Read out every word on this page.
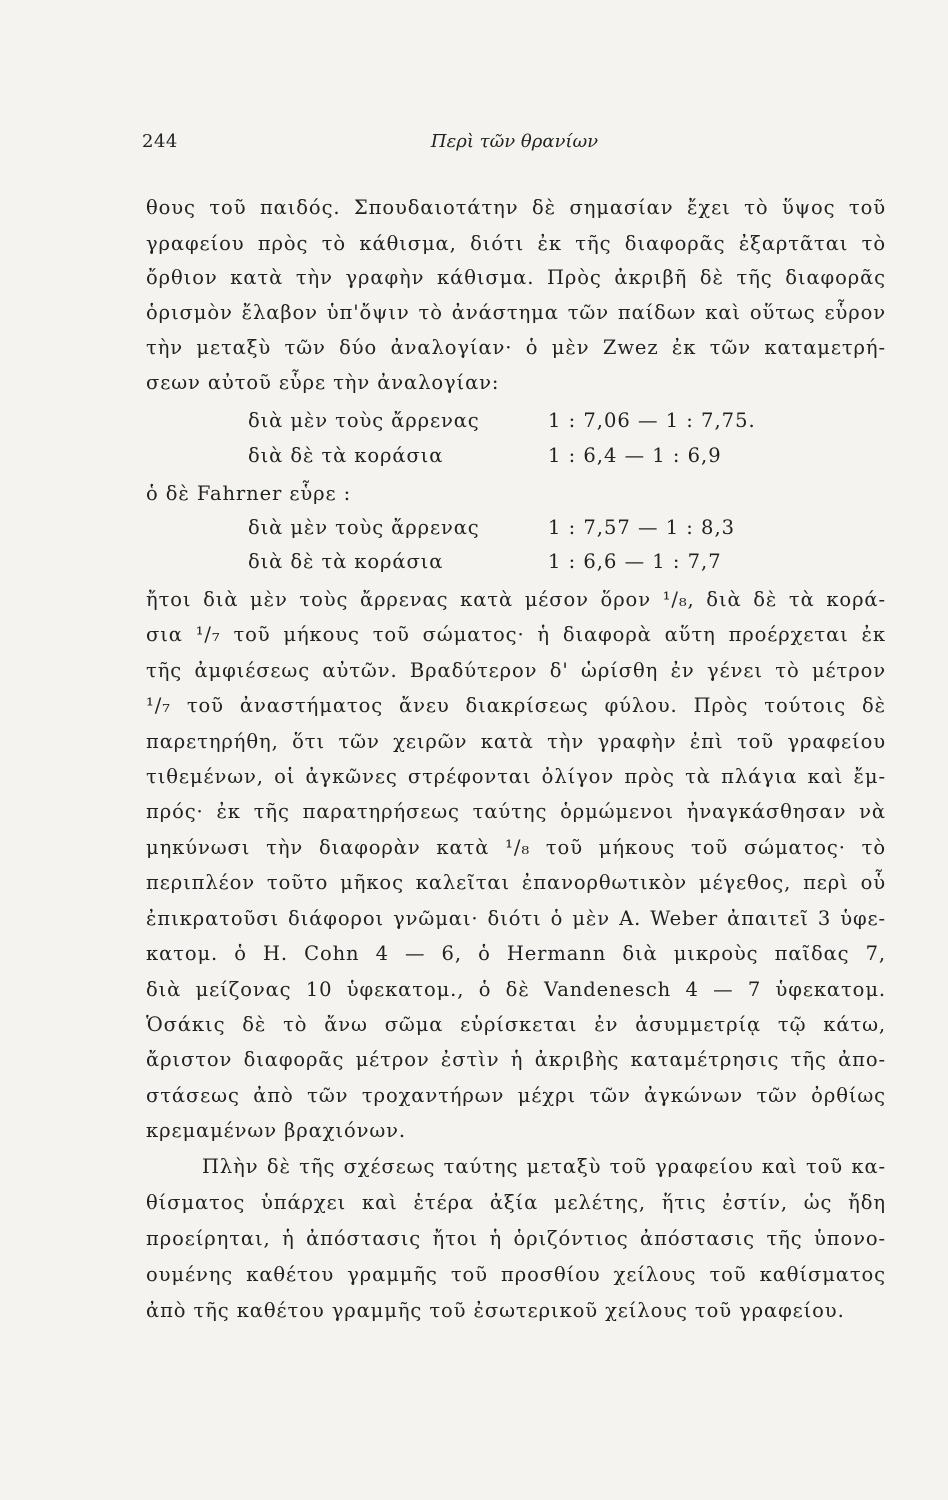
244	Περὶ τῶν θρανίων
θους τοῦ παιδός. Σπουδαιοτάτην δὲ σημασίαν ἔχει τὸ ὕψος τοῦ
γραφείου πρὸς τὸ κάθισμα, διότι ἐκ τῆς διαφορᾶς ἐξαρτᾶται τὸ
ὄρθιον κατὰ τὴν γραφὴν κάθισμα. Πρὸς ἀκριβῆ δὲ τῆς διαφορᾶς
ὁρισμὸν ἔλαβον ὑπ'ὄψιν τὸ ἀνάστημα τῶν παίδων καὶ οὕτως εὗρον
τὴν μεταξὺ τῶν δύο ἀναλογίαν· ὁ μὲν Zwez ἐκ τῶν καταμετρή-
σεων αὐτοῦ εὗρε τὴν ἀναλογίαν:
διὰ μὲν τοὺς ἄρρενας	1 : 7,06 — 1 : 7,75.
διὰ δὲ τὰ κοράσια	1 : 6,4 — 1 : 6,9
ὁ δὲ Fahrner εὗρε :
διὰ μὲν τοὺς ἄρρενας	1 : 7,57 — 1 : 8,3
διὰ δὲ τὰ κοράσια	1 : 6,6 — 1 : 7,7
ἤτοι διὰ μὲν τοὺς ἄρρενας κατὰ μέσον ὅρον ¹/₈, διὰ δὲ τὰ κορά-
σια ¹/₇ τοῦ μήκους τοῦ σώματος· ἡ διαφορὰ αὕτη προέρχεται ἐκ
τῆς ἀμφιέσεως αὐτῶν. Βραδύτερον δ' ὡρίσθη ἐν γένει τὸ μέτρον
¹/₇ τοῦ ἀναστήματος ἄνευ διακρίσεως φύλου. Πρὸς τούτοις δὲ
παρετηρήθη, ὅτι τῶν χειρῶν κατὰ τὴν γραφὴν ἐπὶ τοῦ γραφείου
τιθεμένων, οἱ ἀγκῶνες στρέφονται ὀλίγον πρὸς τὰ πλάγια καὶ ἔμ-
πρός· ἐκ τῆς παρατηρήσεως ταύτης ὁρμώμενοι ἠναγκάσθησαν νὰ
μηκύνωσι τὴν διαφορὰν κατὰ ¹/₈ τοῦ μήκους τοῦ σώματος· τὸ
περιπλέον τοῦτο μῆκος καλεῖται ἐπανορθωτικὸν μέγεθος, περὶ οὗ
ἐπικρατοῦσι διάφοροι γνῶμαι· διότι ὁ μὲν A. Weber ἀπαιτεῖ 3 ὑφε-
κατομ. ὁ H. Cohn 4 — 6, ὁ Hermann διὰ μικροὺς παῖδας 7,
διὰ μείζονας 10 ὑφεκατομ., ὁ δὲ Vandenesch 4 — 7 ὑφεκατομ.
Ὁσάκις δὲ τὸ ἄνω σῶμα εὑρίσκεται ἐν ἀσυμμετρίᾳ τῷ κάτω,
ἄριστον διαφορᾶς μέτρον ἐστὶν ἡ ἀκριβὴς καταμέτρησις τῆς ἀπο-
στάσεως ἀπὸ τῶν τροχαντήρων μέχρι τῶν ἀγκώνων τῶν ὀρθίως
κρεμαμένων βραχιόνων.
Πλὴν δὲ τῆς σχέσεως ταύτης μεταξὺ τοῦ γραφείου καὶ τοῦ κα-
θίσματος ὑπάρχει καὶ ἑτέρα ἀξία μελέτης, ἥτις ἐστίν, ὡς ἤδη
προείρηται, ἡ ἀπόστασις ἤτοι ἡ ὁριζόντιος ἀπόστασις τῆς ὑπονο-
ουμένης καθέτου γραμμῆς τοῦ προσθίου χείλους τοῦ καθίσματος
ἀπὸ τῆς καθέτου γραμμῆς τοῦ ἐσωτερικοῦ χείλους τοῦ γραφείου.
